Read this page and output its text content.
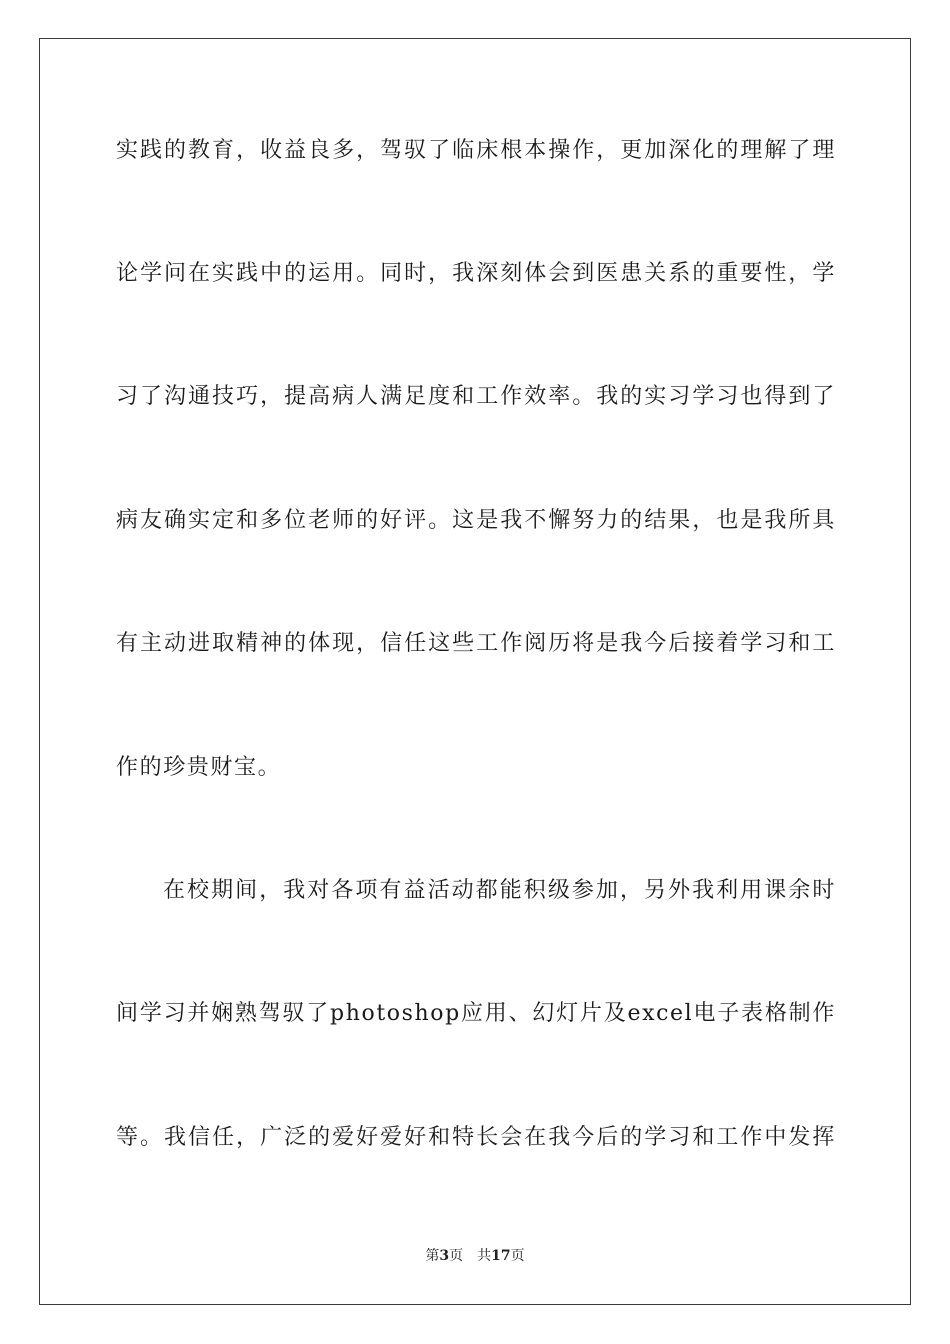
实践的教育，收益良多，驾驭了临床根本操作，更加深化的理解了理
论学问在实践中的运用。同时，我深刻体会到医患关系的重要性，学
习了沟通技巧，提高病人满足度和工作效率。我的实习学习也得到了
病友确实定和多位老师的好评。这是我不懈努力的结果，也是我所具
有主动进取精神的体现，信任这些工作阅历将是我今后接着学习和工
作的珍贵财宝。
在校期间，我对各项有益活动都能积级参加，另外我利用课余时
间学习并娴熟驾驭了photoshop应用、幻灯片及excel电子表格制作
等。我信任，广泛的爱好爱好和特长会在我今后的学习和工作中发挥
第3页 共17页
